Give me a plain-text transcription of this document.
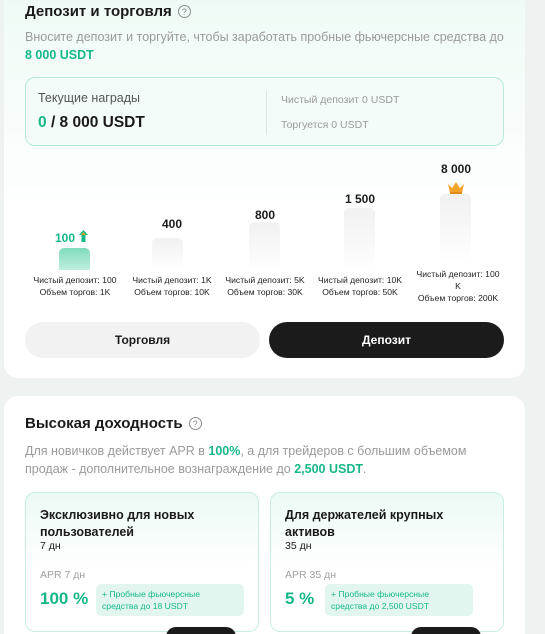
Депозит и торговля	?
Вносите депозит и торгуйте, чтобы заработать пробные фьючерсные средства до 8 000 USDT
Текущие награды
0 / 8 000 USDT
Чистый депозит 0 USDT
Торгуется 0 USDT
100
Чистый депозит: 100
Объем торгов: 1K
400
Чистый депозит: 1K
Объем торгов: 10K
800
Чистый депозит: 5K
Объем торгов: 30K
1 500
Чистый депозит: 10K
Объем торгов: 50K
8 000
Чистый депозит: 100
K
Объем торгов: 200K
Торговля	Депозит
Высокая доходность	?
Для новичков действует APR в 100%, а для трейдеров с большим объемом продаж - дополнительное вознаграждение до 2,500 USDT.
Эксклюзивно для новых пользователей
7 дн
APR 7 дн
100 %	+ Пробные фьючерсные средства до 18 USDT
Для держателей крупных активов
35 дн
APR 35 дн
5 %	+ Пробные фьючерсные средства до 2,500 USDT
